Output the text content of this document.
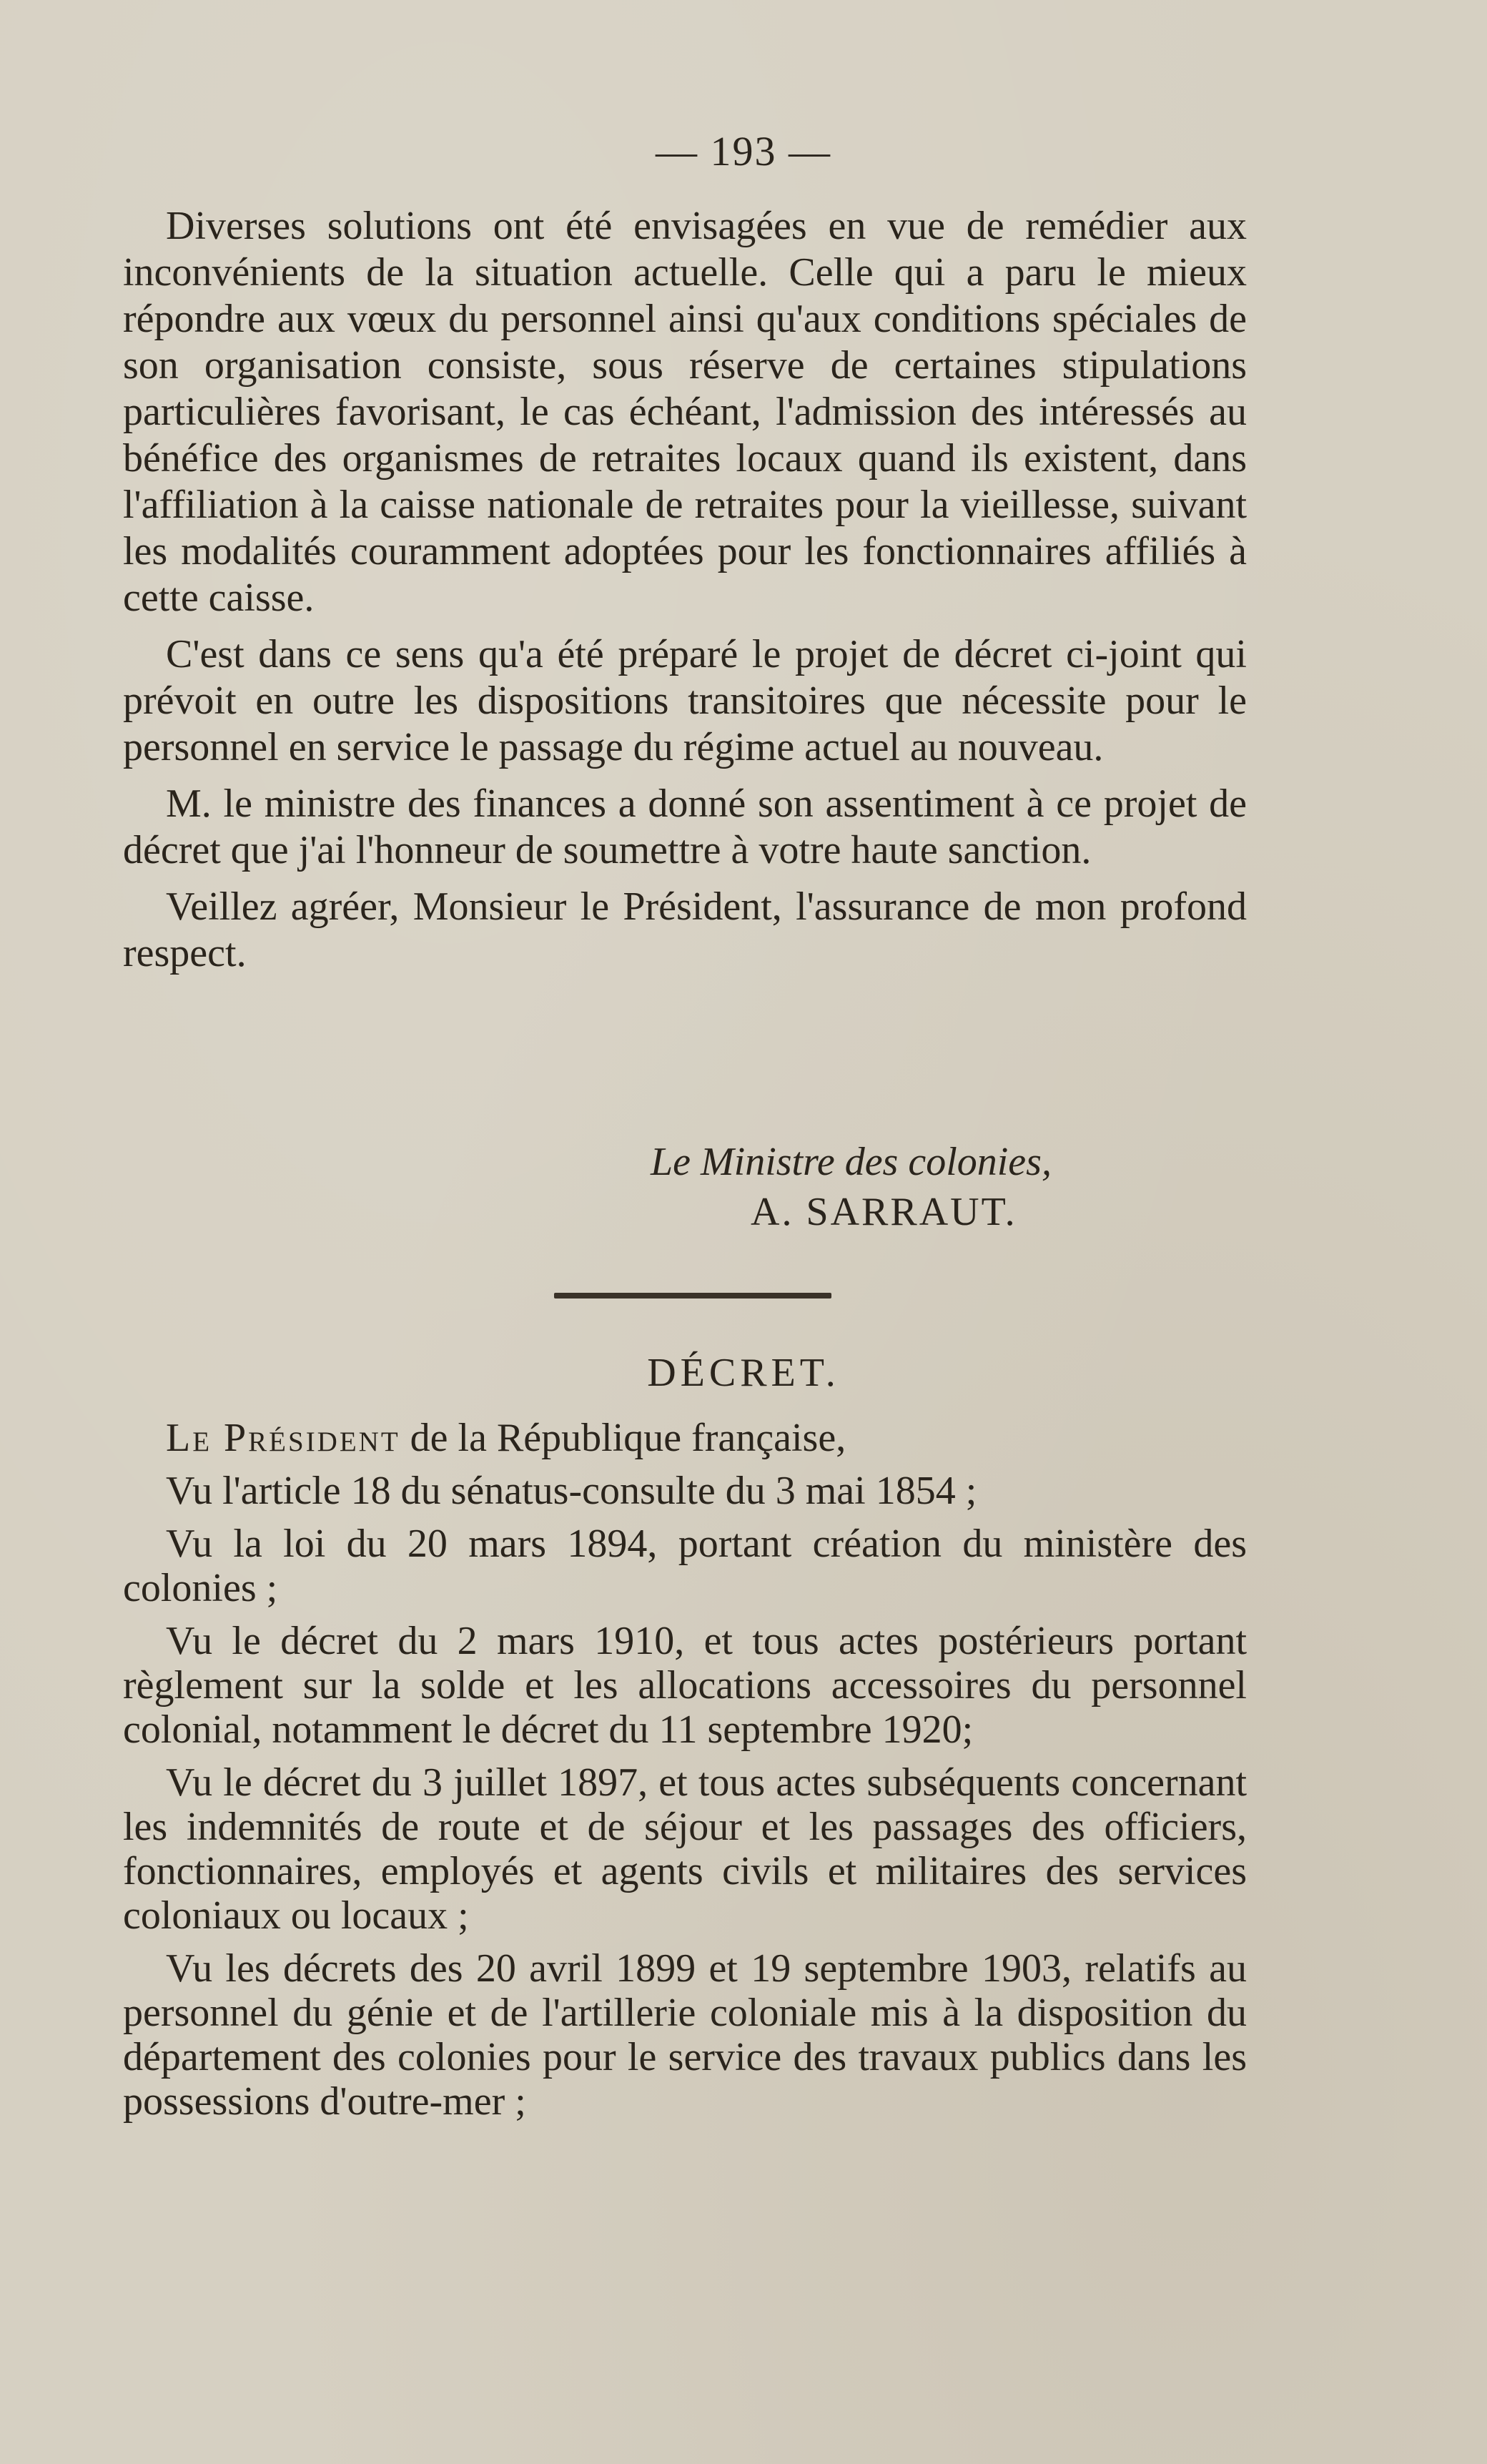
— 193 —

Diverses solutions ont été envisagées en vue de remédier aux inconvénients de la situation actuelle. Celle qui a paru le mieux répondre aux vœux du personnel ainsi qu'aux conditions spéciales de son organisation consiste, sous réserve de certaines stipulations particulières favorisant, le cas échéant, l'admission des intéressés au bénéfice des organismes de retraites locaux quand ils existent, dans l'affiliation à la caisse nationale de retraites pour la vieillesse, suivant les modalités couramment adoptées pour les fonctionnaires affiliés à cette caisse.

C'est dans ce sens qu'a été préparé le projet de décret ci-joint qui prévoit en outre les dispositions transitoires que nécessite pour le personnel en service le passage du régime actuel au nouveau.

M. le ministre des finances a donné son assentiment à ce projet de décret que j'ai l'honneur de soumettre à votre haute sanction.

Veillez agréer, Monsieur le Président, l'assurance de mon profond respect.

Le Ministre des colonies,
A. SARRAUT.
DÉCRET.

Le Président de la République française,

Vu l'article 18 du sénatus-consulte du 3 mai 1854 ;

Vu la loi du 20 mars 1894, portant création du ministère des colonies ;

Vu le décret du 2 mars 1910, et tous actes postérieurs portant règlement sur la solde et les allocations accessoires du personnel colonial, notamment le décret du 11 septembre 1920;

Vu le décret du 3 juillet 1897, et tous actes subséquents concernant les indemnités de route et de séjour et les passages des officiers, fonctionnaires, employés et agents civils et militaires des services coloniaux ou locaux ;

Vu les décrets des 20 avril 1899 et 19 septembre 1903, relatifs au personnel du génie et de l'artillerie coloniale mis à la disposition du département des colonies pour le service des travaux publics dans les possessions d'outre-mer ;
